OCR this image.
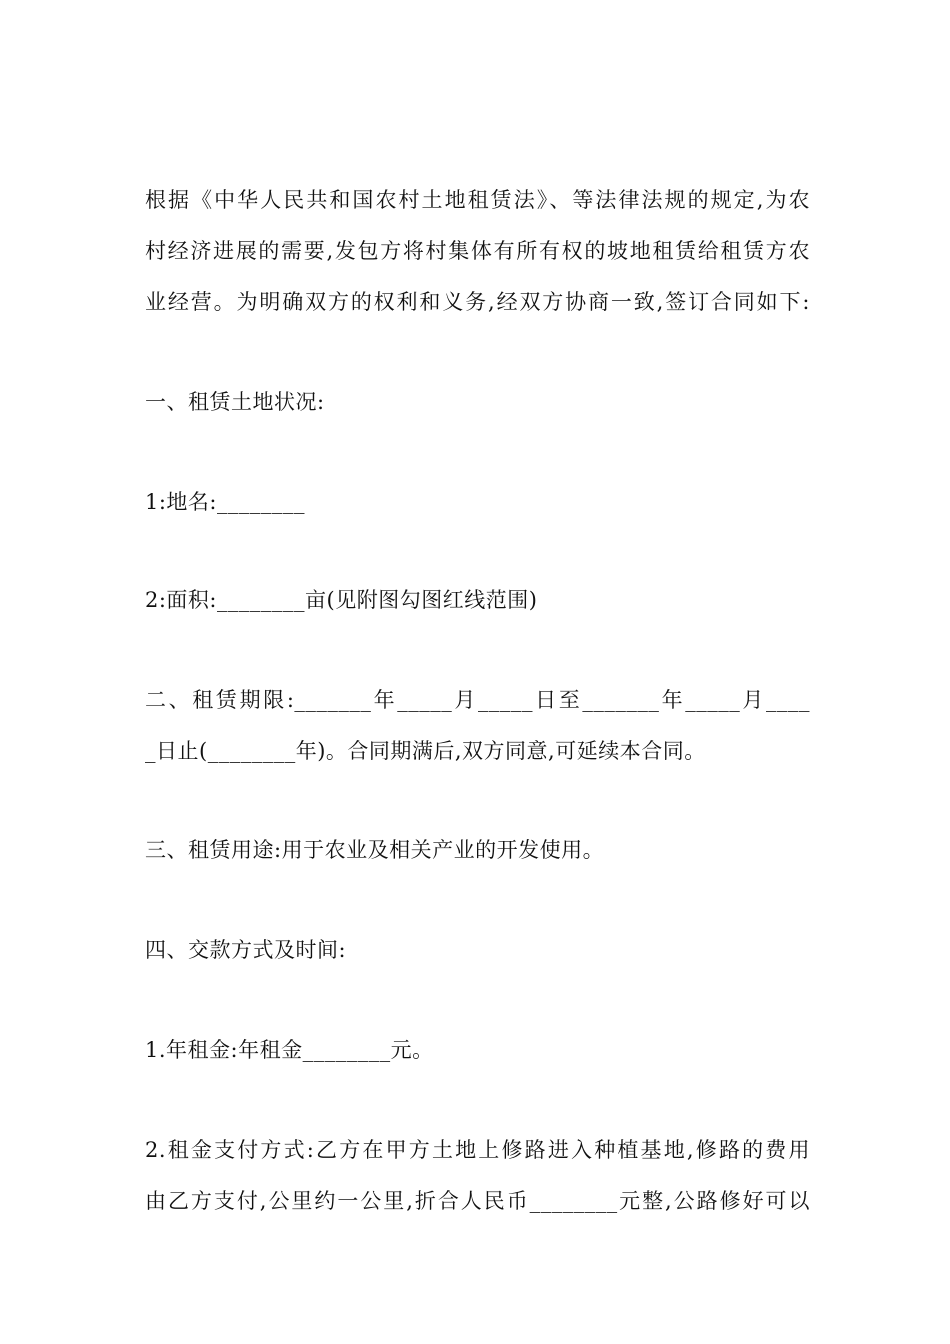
根据《中华人民共和国农村土地租赁法》、等法律法规的规定,为农
村经济进展的需要,发包方将村集体有所有权的坡地租赁给租赁方农
业经营。为明确双方的权利和义务,经双方协商一致,签订合同如下:
一、租赁土地状况:
1:地名:________
2:面积:________亩(见附图勾图红线范围)
二、租赁期限:_______年_____月_____日至_______年_____月____
_日止(________年)。合同期满后,双方同意,可延续本合同。
三、租赁用途:用于农业及相关产业的开发使用。
四、交款方式及时间:
1.年租金:年租金________元。
2.租金支付方式:乙方在甲方土地上修路进入种植基地,修路的费用
由乙方支付,公里约一公里,折合人民币________元整,公路修好可以
